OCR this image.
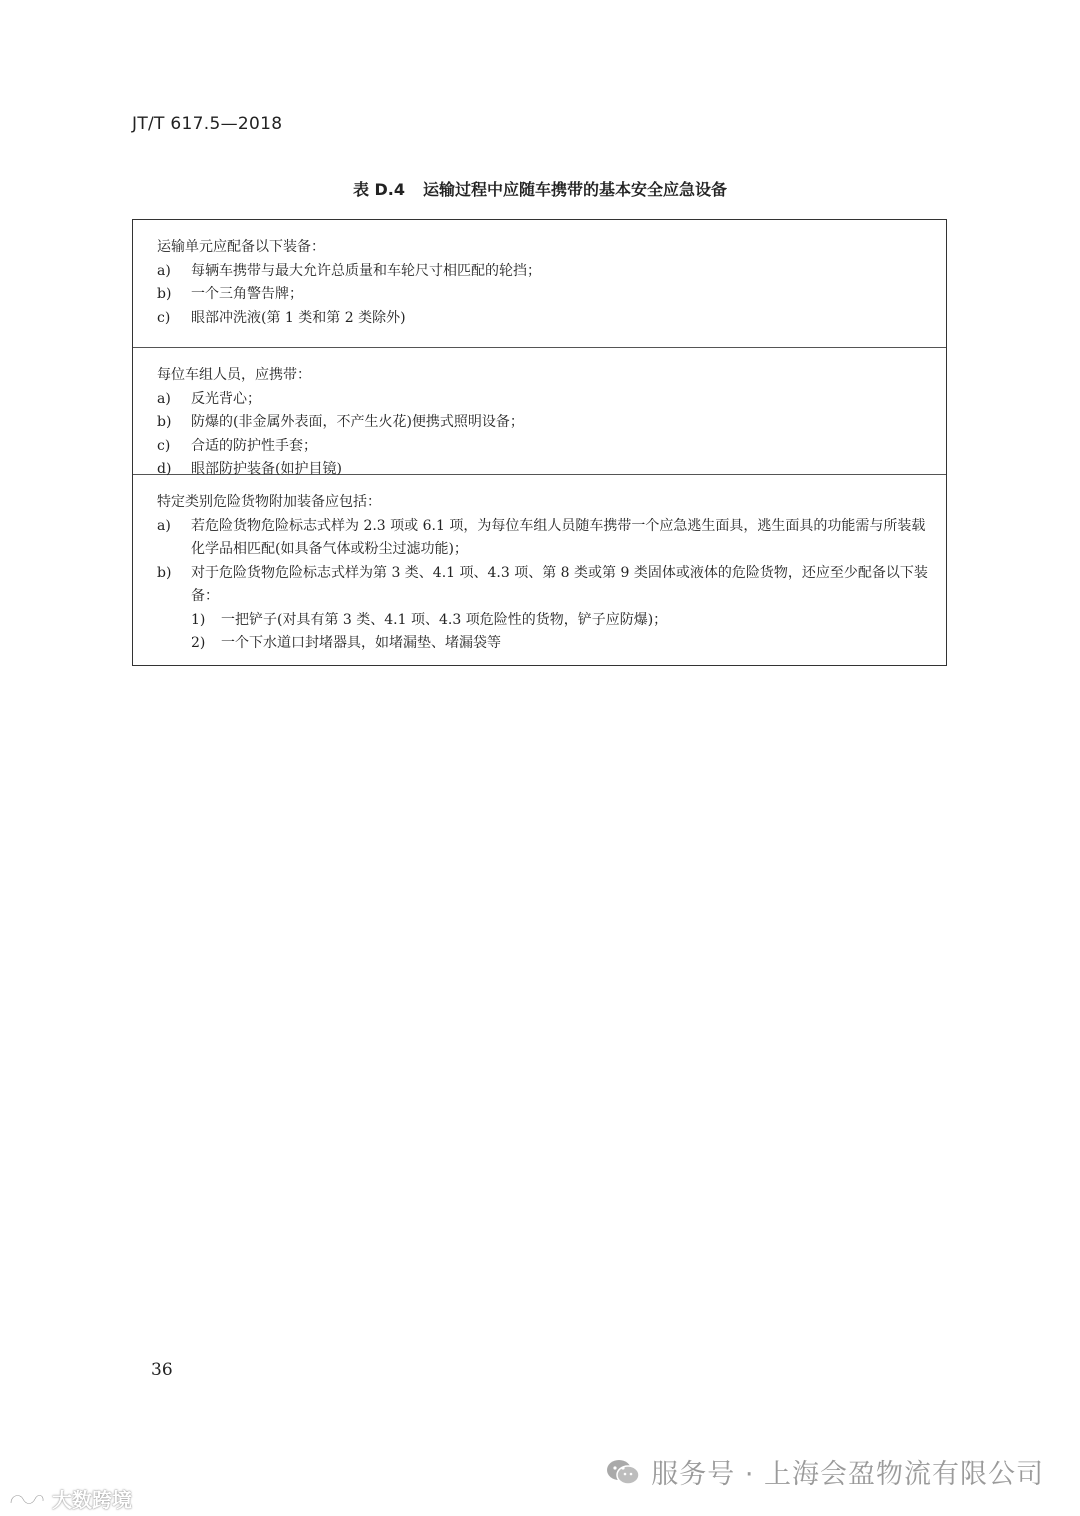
JT/T 617.5—2018
表 D.4 运输过程中应随车携带的基本安全应急设备
运输单元应配备以下装备：
a)	每辆车携带与最大允许总质量和车轮尺寸相匹配的轮挡；
b)	一个三角警告牌；
c)	眼部冲洗液(第 1 类和第 2 类除外)
每位车组人员，应携带：
a)	反光背心；
b)	防爆的(非金属外表面，不产生火花)便携式照明设备；
c)	合适的防护性手套；
d)	眼部防护装备(如护目镜)
特定类别危险货物附加装备应包括：
a)	若危险货物危险标志式样为 2.3 项或 6.1 项，为每位车组人员随车携带一个应急逃生面具，逃生面具的功能需与所装载化学品相匹配(如具备气体或粉尘过滤功能)；
b)	对于危险货物危险标志式样为第 3 类、4.1 项、4.3 项、第 8 类或第 9 类固体或液体的危险货物，还应至少配备以下装备：
1)	一把铲子(对具有第 3 类、4.1 项、4.3 项危险性的货物，铲子应防爆)；
2)	一个下水道口封堵器具，如堵漏垫、堵漏袋等
36
服务号 · 上海会盈物流有限公司
大数跨境
